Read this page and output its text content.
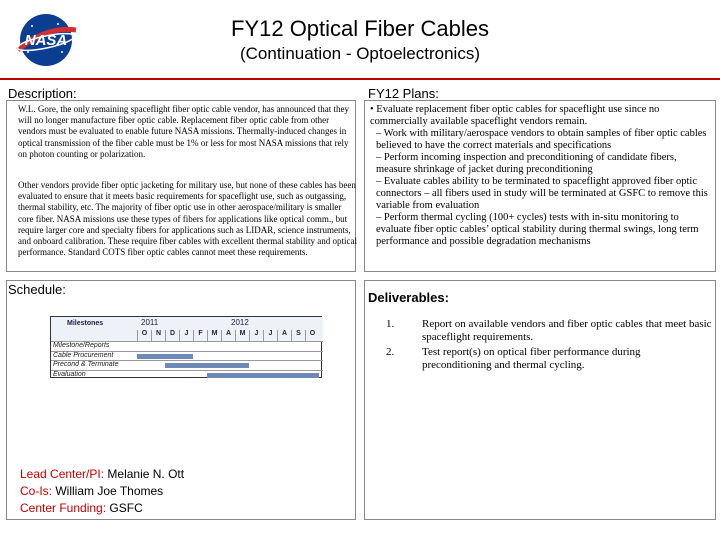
NASA	FY12 Optical Fiber Cables
(Continuation - Optoelectronics)
Description:
W.L. Gore, the only remaining spaceflight fiber optic cable vendor, has announced that they will no longer manufacture fiber optic cable. Replacement fiber optic cable from other vendors must be evaluated to enable future NASA missions. Thermally-induced changes in optical transmission of the fiber cable must be 1% or less for most NASA missions that rely on photon counting or polarization.
Other vendors provide fiber optic jacketing for military use, but none of these cables has been evaluated to ensure that it meets basic requirements for spaceflight use, such as outgassing, thermal stability, etc. The majority of fiber optic use in other aerospace/military is smaller core fiber. NASA missions use these types of fibers for applications like optical comm., but require larger core and specialty fibers for applications such as LIDAR, science instruments, and onboard calibration. These require fiber cables with excellent thermal stability and optical performance. Standard COTS fiber optic cables cannot meet these requirements.
Schedule:
Milestones	2011	2012
O	N	D	J	F	M	A	M	J	J	A	S	O
Milestone/Reports
Cable Procurement
Precond & Terminate
Evaluation
FY12 Plans:

• Evaluate replacement fiber optic cables for spaceflight use since no commercially available spaceflight vendors remain.

– Work with military/aerospace vendors to obtain samples of fiber optic cables believed to have the correct materials and specifications

– Perform incoming inspection and preconditioning of candidate fibers, measure shrinkage of jacket during preconditioning

– Evaluate cables ability to be terminated to spaceflight approved fiber optic connectors – all fibers used in study will be terminated at GSFC to remove this variable from evaluation

– Perform thermal cycling (100+ cycles) tests with in-situ monitoring to evaluate fiber optic cables’ optical stability during thermal swings, long term performance and possible degradation mechanisms

Deliverables:
1.	Report on available vendors and fiber optic cables that meet basic spaceflight requirements.
2.	Test report(s) on optical fiber performance during preconditioning and thermal cycling.
Lead Center/PI: Melanie N. Ott
Co-Is: William Joe Thomes
Center Funding: GSFC
